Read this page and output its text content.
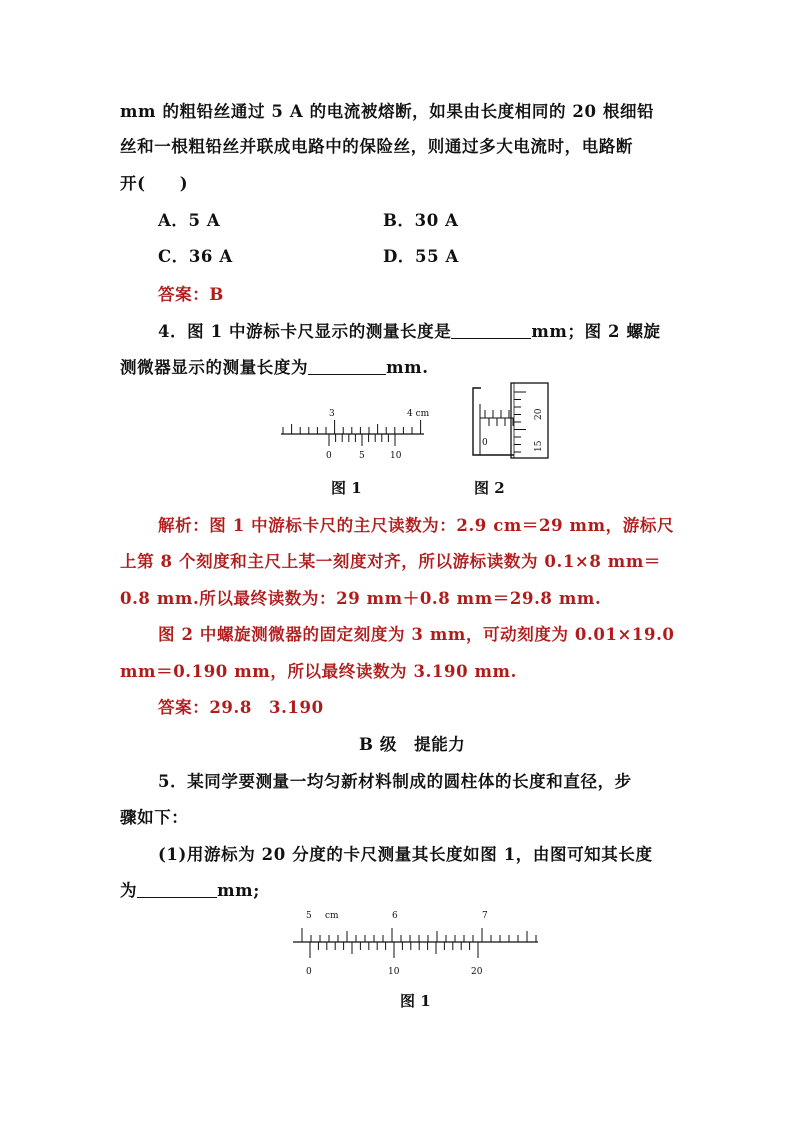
mm 的粗铅丝通过 5 A 的电流被熔断，如果由长度相同的 20 根细铅
丝和一根粗铅丝并联成电路中的保险丝，则通过多大电流时，电路断
开(　　)
A．5 A	B．30 A
C．36 A	D．55 A
答案：B
4．图 1 中游标卡尺显示的测量长度是	mm；图 2 螺旋
测微器显示的测量长度为	mm.
3	4 cm
0	5	10
0
20
15
图 1	图 2
解析：图 1 中游标卡尺的主尺读数为：2.9 cm＝29 mm，游标尺
上第 8 个刻度和主尺上某一刻度对齐，所以游标读数为 0.1×8 mm＝
0.8 mm.所以最终读数为：29 mm＋0.8 mm＝29.8 mm.
图 2 中螺旋测微器的固定刻度为 3 mm，可动刻度为 0.01×19.0
mm＝0.190 mm，所以最终读数为 3.190 mm.
答案：29.8　3.190
B 级　提能力
5．某同学要测量一均匀新材料制成的圆柱体的长度和直径，步
骤如下：
(1)用游标为 20 分度的卡尺测量其长度如图 1，由图可知其长度
为	mm;
5 cm	6	7
0	10	20
图 1
